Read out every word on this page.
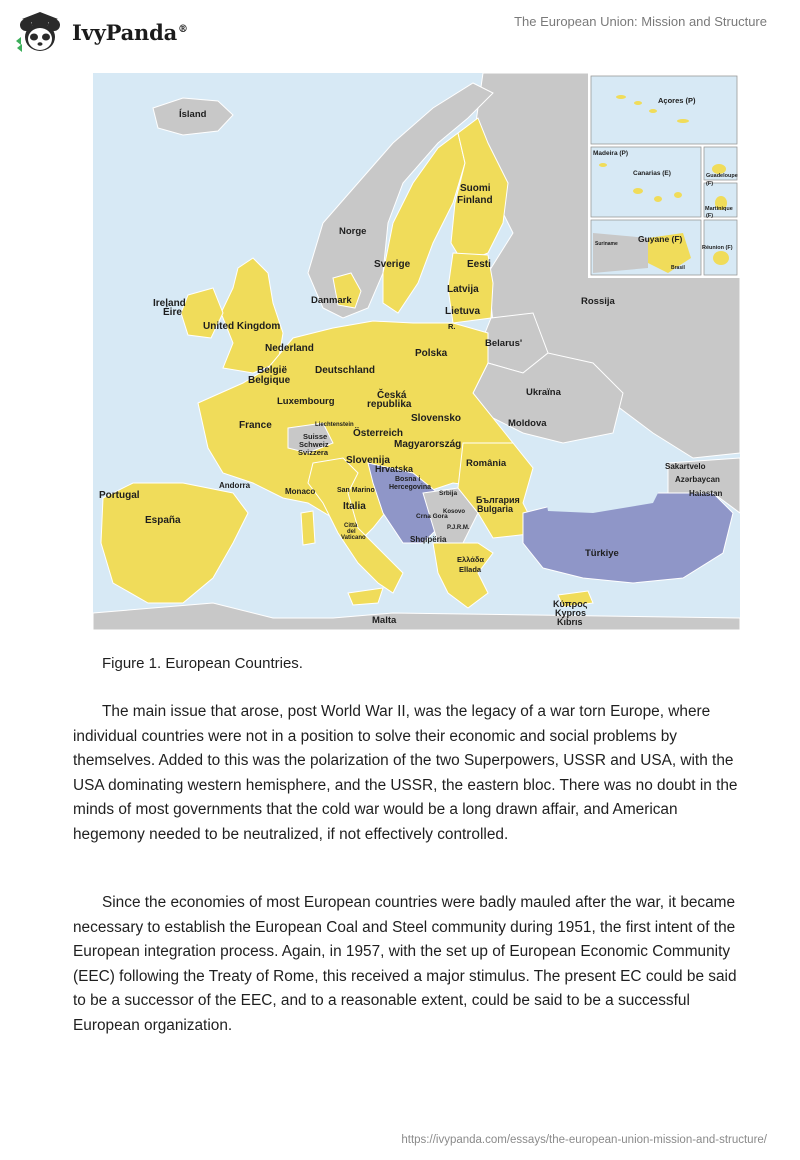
IvyPanda®	The European Union: Mission and Structure
Ísland
Suomi
Finland
Norge
Sverige	Eesti
Latvija
Lietuva
R.
Rossija
Danmark
Ireland
Éire
United Kingdom
Nederland
België
Belgique
Luxembourg
Deutschland
Polska
Belarus'
Česká
republika
Slovensko
Ukraïna
Moldova
France	Liechtenstein
Österreich
Suisse
Schweiz
Svizzera
Magyarország
Slovenija
Hrvatska	România
Bosna i
Hercegovina
Srbija
Andorra
Monaco	San Marino
Portugal
España
Italia
Città
del
Vaticano
Crna Gora
Kosovo
P.J.R.M.
Shqipëria
България
Bulgaria
Ελλάδα
Ellada
Türkiye
Κύπρος
Kypros
Kıbrıs
Malta
Sakartvelo
Azərbaycan
Haiastan
Açores (P)
Madeira (P)
Canarias (E)	Guadeloupe
(F)
Martinique
(F)
Guyane (F)
Suriname
Brasil
Réunion (F)
Figure 1. European Countries.

The main issue that arose, post World War II, was the legacy of a war torn Europe, where individual countries were not in a position to solve their economic and social problems by themselves. Added to this was the polarization of the two Superpowers, USSR and USA, with the USA dominating western hemisphere, and the USSR, the eastern bloc. There was no doubt in the minds of most governments that the cold war would be a long drawn affair, and American hegemony needed to be neutralized, if not effectively controlled.

Since the economies of most European countries were badly mauled after the war, it became necessary to establish the European Coal and Steel community during 1951, the first intent of the European integration process. Again, in 1957, with the set up of European Economic Community (EEC) following the Treaty of Rome, this received a major stimulus. The present EC could be said to be a successor of the EEC, and to a reasonable extent, could be said to be a successful European organization.

https://ivypanda.com/essays/the-european-union-mission-and-structure/
